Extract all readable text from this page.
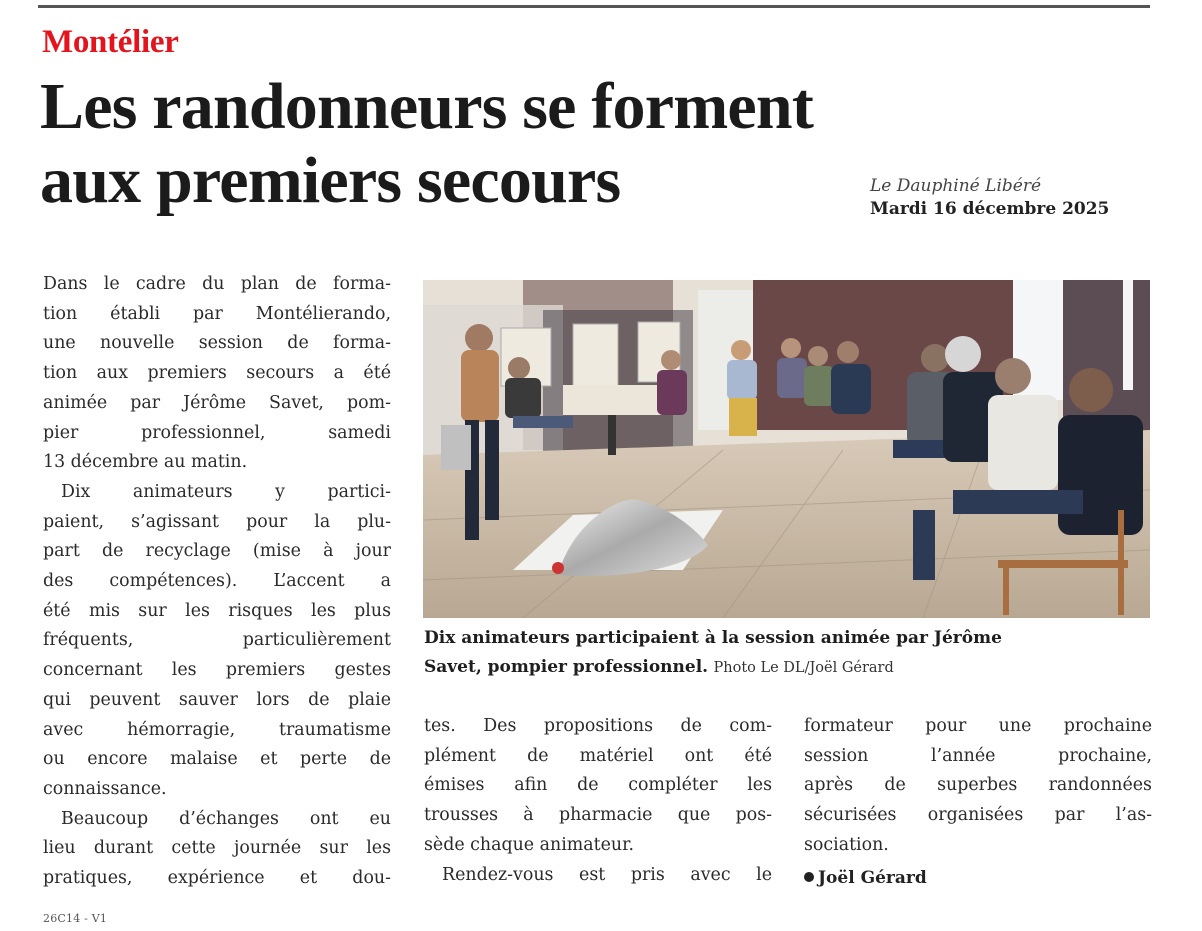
Montélier
Les randonneurs se forment
aux premiers secours	Le Dauphiné Libéré
Mardi 16 décembre 2025
Dans le cadre du plan de forma-
tion établi par Montélierando,
une nouvelle session de forma-
tion aux premiers secours a été
animée par Jérôme Savet, pom-
pier professionnel, samedi
13 décembre au matin.
Dix animateurs y partici-
paient, s’agissant pour la plu-
part de recyclage (mise à jour
des compétences). L’accent a
été mis sur les risques les plus
fréquents, particulièrement
concernant les premiers gestes
qui peuvent sauver lors de plaie
avec hémorragie, traumatisme
ou encore malaise et perte de
connaissance.
Beaucoup d’échanges ont eu
lieu durant cette journée sur les
pratiques, expérience et dou-
Dix animateurs participaient à la session animée par Jérôme
Savet, pompier professionnel. Photo Le DL/Joël Gérard
tes. Des propositions de com-
plément de matériel ont été
émises afin de compléter les
trousses à pharmacie que pos-
sède chaque animateur.
Rendez-vous est pris avec le
formateur pour une prochaine
session l’année prochaine,
après de superbes randonnées
sécurisées organisées par l’as-
sociation.
Joël Gérard
26C14 - V1
